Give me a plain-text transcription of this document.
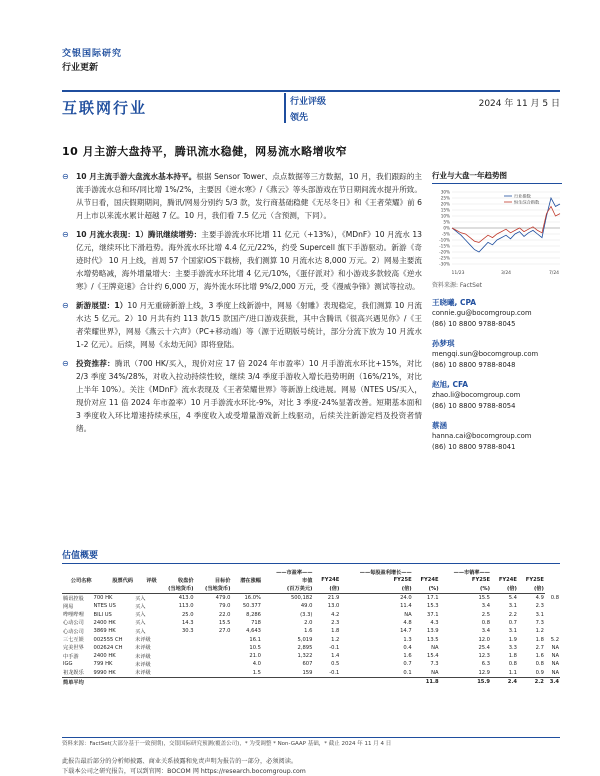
交银国际研究
行业更新
互联网行业	行业评级
领先
2024 年 11 月 5 日
10 月主游大盘持平，腾讯流水稳健，网易流水略增收窄
⊖ 10 月主流手游大盘流水基本持平。根据 Sensor Tower、点点数据等三方数据，10 月，我们跟踪的主流手游流水总和环/同比增 1%/2%，主要因《逆水寒》/《燕云》等头部游戏在节日期间流水提升所致。从节日看，国庆假期期间，腾讯/网易分别约 5/3 款，发行商基础稳健《无尽冬日》和《王者荣耀》前 6 月上市以来流水累计超越 7 亿。10 月，我们看 7.5 亿元（含预测，下同）。
⊖ 10 月流水表现：1）腾讯继续增势：主要手游流水环比增 11 亿元（+13%），《MDnF》10 月流水 13 亿元，继续环比下滑趋势。海外流水环比增 4.4 亿元/22%，约受 Supercell 旗下手游驱动。新游《奇迹时代》 10 月上线，首周 57 个国家iOS下载榜，我们测算 10 月流水达 8,000 万元。2）网易主要流水增势略减，海外增量增大：主要手游流水环比增 4 亿元/10%，《蛋仔派对》和小游戏多款较高《逆水寒》/《王牌竞速》合计约 6,000 万，海外流水环比增 9%/2,000 万元，受《漫威争锋》测试等拉动。
⊖ 新游展望：1）10 月无重磅新游上线，3 季度上线新游中，网易《射雕》表现稳定，我们测算 10 月流水达 5 亿元。2）10 月共有约 113 款/15 款国产/进口游戏获批，其中含腾讯《很高兴遇见你》/《王者荣耀世界》，网易《燕云十六声》（PC+移动端）等（源于近期版号统计，部分分流下放为 10 月流水 1-2 亿元）。后续，网易《永劫无间》即将登陆。
⊖ 投资推荐：腾讯（700 HK/买入，现价对应 17 倍 2024 年市盈率）10 月手游流水环比+15%，对比 2/3 季度 34%/28%，对收入拉动持续性较，继续 3/4 季度手游收入增长趋势明朗（16%/21%，对比上半年 10%）。关注《MDnF》流水表现及《王者荣耀世界》等新游上线进展。网易（NTES US/买入，现价对应 11 倍 2024 年市盈率）10 月手游流水环比-9%，对比 3 季度-24%显著改善。短期基本面和 3 季度收入环比增速持续承压，4 季度收入或受增量游戏新上线驱动，后续关注新游定档及投资者情绪。
行业与大盘一年趋势图
30%
25%
20%
15%
10%
5%
0%
-5%
-10%
-15%
-20%
-25%
-30%
11/23	3/24	7/24
行业指数
恒生综合指数
资料来源: FactSet
王晓曦, CPA
connie.gu@bocomgroup.com
(86) 10 8800 9788-8045
孙梦琪
mengqi.sun@bocomgroup.com
(86) 10 8800 9788-8048
赵旭, CFA
zhao.li@bocomgroup.com
(86) 10 8800 9788-8054
蔡涵
hanna.cai@bocomgroup.com
(86) 10 8800 9788-8041
估值概要
						——市盈率——		——每股盈利增长——		——市销率——			
公司名称	股票代码	评级	收盘价	目标价	潜在涨幅	市值	FY24E	FY25E	FY24E	FY25E	FY24E	FY25E	
			(当地货币)	(当地货币)		(百万美元)	(倍)	(倍)	(%)	(%)	(倍)	(倍)	
腾讯控股	700 HK	买入	413.0	479.0	16.0%	500,182	21.9	24.0	17.1	15.5	5.4	4.9	0.8
网易	NTES US	买入	113.0	79.0	50.377	49.0	13.0	11.4	15.3	3.4	3.1	2.3	
哔哩哔哩	BILI US	买入	25.0	22.0	8,286	(3.3)	4.2	NA	37.1	2.5	2.2	3.1	
心动公司	2400 HK	买入	14.3	15.5	718	2.0	2.3	4.8	4.3	0.8	0.7	7.3	
心动公司	3869 HK	买入	30.3	27.0	4,643	1.6	1.8	14.7	13.9	3.4	3.1	1.2	
三七互娱	002555 CH	未评级			16.1	5,019	1.2	1.3	13.5	12.0	1.9	1.8	5.2
完美世界	002624 CH	未评级			10.5	2,895	-0.1	0.4	NA	25.4	3.3	2.7	NA
中手游	2400 HK	未评级			21.0	1,322	1.4	1.6	15.4	12.3	1.8	1.6	NA
IGG	799 HK	未评级			4.0	607	0.5	0.7	7.3	6.3	0.8	0.8	NA
祖龙娱乐	9990 HK	未评级			1.5	159	-0.1	0.1	NA	12.9	1.1	0.9	NA
简单平均									11.8	15.9	2.4	2.2	3.4
资料来源：FactSet(大部分基于一致预期)，交银国际研究预测(覆盖公司)，* 为受调整 * Non-GAAP 基础，* 截止 2024 年 11 月 4 日
此报告最后部分的分析师披露、商业关系披露和免责声明为报告的一部分，必须阅读。
下载本公司之研究报告，可以到官网：BOCOM 网 https://research.bocomgroup.com
